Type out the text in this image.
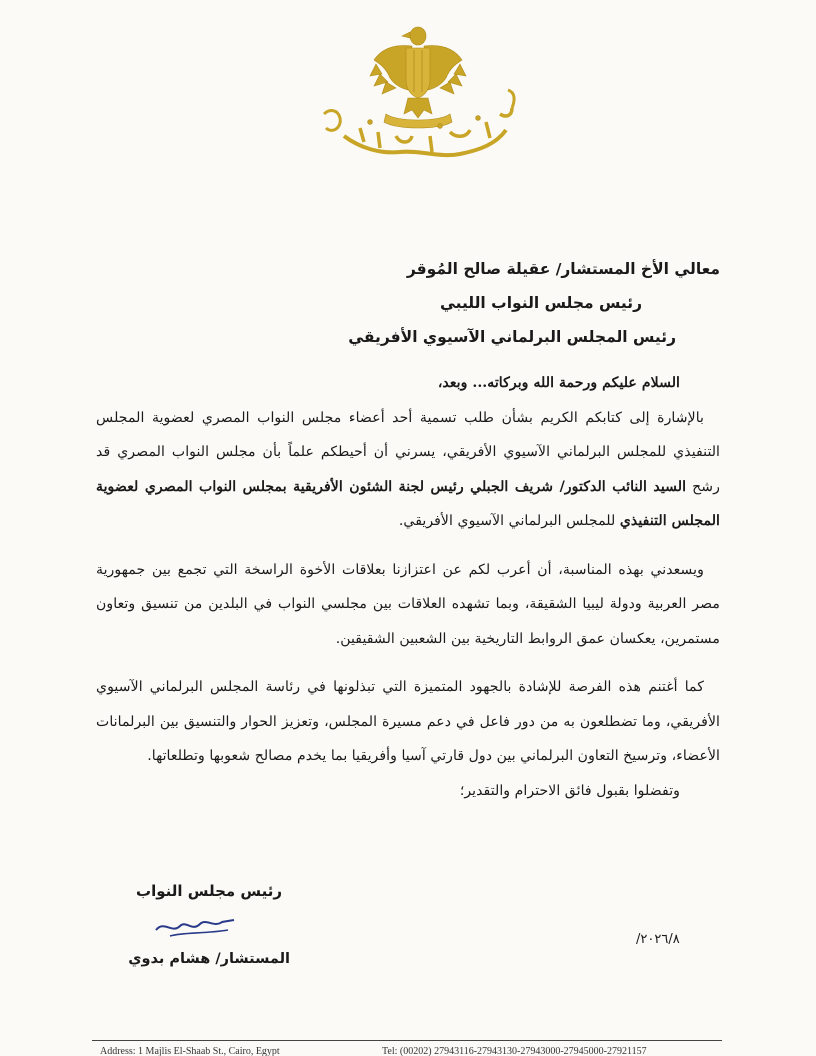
معالي الأخ المستشار/ عقيلة صالح المُوقر
رئيس مجلس النواب الليبي
رئيس المجلس البرلماني الآسيوي الأفريقي

السلام عليكم ورحمة الله وبركاته... وبعد،

بالإشارة إلى كتابكم الكريم بشأن طلب تسمية أحد أعضاء مجلس النواب المصري لعضوية المجلس التنفيذي للمجلس البرلماني الآسيوي الأفريقي، يسرني أن أحيطكم علماً بأن مجلس النواب المصري قد رشح السيد النائب الدكتور/ شريف الجبلي رئيس لجنة الشئون الأفريقية بمجلس النواب المصري لعضوية المجلس التنفيذي للمجلس البرلماني الآسيوي الأفريقي.

ويسعدني بهذه المناسبة، أن أعرب لكم عن اعتزازنا بعلاقات الأخوة الراسخة التي تجمع بين جمهورية مصر العربية ودولة ليبيا الشقيقة، وبما تشهده العلاقات بين مجلسي النواب في البلدين من تنسيق وتعاون مستمرين، يعكسان عمق الروابط التاريخية بين الشعبين الشقيقين.

كما أغتنم هذه الفرصة للإشادة بالجهود المتميزة التي تبذلونها في رئاسة المجلس البرلماني الآسيوي الأفريقي، وما تضطلعون به من دور فاعل في دعم مسيرة المجلس، وتعزيز الحوار والتنسيق بين البرلمانات الأعضاء، وترسيخ التعاون البرلماني بين دول قارتي آسيا وأفريقيا بما يخدم مصالح شعوبها وتطلعاتها.

وتفضلوا بقبول فائق الاحترام والتقدير؛

رئيس مجلس النواب
المستشار/ هشام بدوي
٢٠٢٦/٨/
Address: 1 Majlis El-Shaab St., Cairo, Egypt	Tel: (00202) 27943116-27943130-27943000-27945000-27921157
